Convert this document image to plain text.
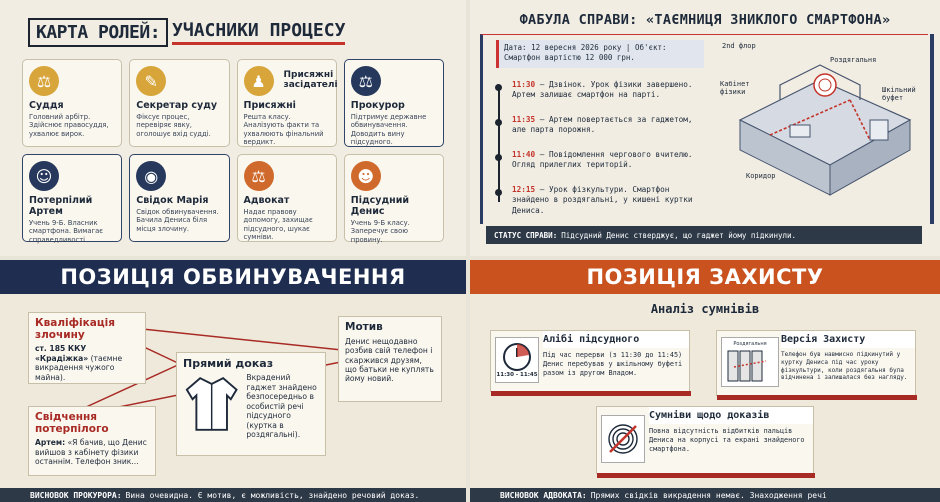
КАРТА РОЛЕЙ: УЧАСНИКИ ПРОЦЕСУ
⚖
Суддя

Головний арбітр. Здійснює правосуддя, ухвалює вирок.

✎
Секретар суду

Фіксує процес, перевіряє явку, оголошує вхід судді.

♟
Присяжні
Присяжні засідателі

Решта класу. Аналізують факти та ухвалюють фінальний вердикт.

⚖
Прокурор

Підтримує державне обвинувачення. Доводить вину підсудного.

☺
Потерпілий Артем

Учень 9-Б. Власник смартфона. Вимагає справедливості.

◉
Свідок Марія

Свідок обвинувачення. Бачила Дениса біля місця злочину.

⚖
Адвокат

Надає правову допомогу, захищає підсудного, шукає сумніви.

☻
Підсудний Денис

Учень 9-Б класу. Заперечує свою провину.

ФАБУЛА СПРАВИ: «ТАЄМНИЦЯ ЗНИКЛОГО СМАРТФОНА»
Дата: 12 вересня 2026 року | Об'єкт:
Смартфон вартістю 12 000 грн.
11:30 – Дзвінок. Урок фізики завершено. Артем залишає смартфон на парті.
11:35 – Артем повертається за гаджетом, але парта порожня.
11:40 – Повідомлення чергового вчителю. Огляд прилеглих територій.
12:15 – Урок фізкультури. Смартфон знайдено в роздягальні, у кишені куртки Дениса.
2nd флор
Кабінет фізики
Роздягальня
Шкільний буфет
Коридор
СТАТУС СПРАВИ: Підсудний Денис стверджує, що гаджет йому підкинули.
ПОЗИЦІЯ ОБВИНУВАЧЕННЯ
Кваліфікація злочину

ст. 185 ККУ «Крадіжка» (таємне викрадення чужого майна).

Прямий доказ

Вкрадений гаджет знайдено безпосередньо в особистій речі підсудного (куртка в роздягальні).

Мотив

Денис нещодавно розбив свій телефон і скаржився друзям, що батьки не куплять йому новий.

Свідчення потерпілого

Артем: «Я бачив, що Денис вийшов з кабінету фізики останнім. Телефон зник...

ВИСНОВОК ПРОКУРОРА: Вина очевидна. Є мотив, є можливість, знайдено речовий доказ.
ПОЗИЦІЯ ЗАХИСТУ
Аналіз сумнівів
11:30 - 11:45
Алібі підсудного
Під час перерви (з 11:30 до 11:45) Денис перебував у шкільному буфеті разом із другом Владом.
Роздягальня Версія Захисту
Телефон був навмисно підкинутий у куртку Дениса під час уроку фізкультури, коли роздягальня була відчинена і залишалася без нагляду.
Сумніви щодо доказів
Повна відсутність відбитків пальців Дениса на корпусі та екрані знайденого смартфона.
ВИСНОВОК АДВОКАТА: Прямих свідків викрадення немає. Знаходження речі
